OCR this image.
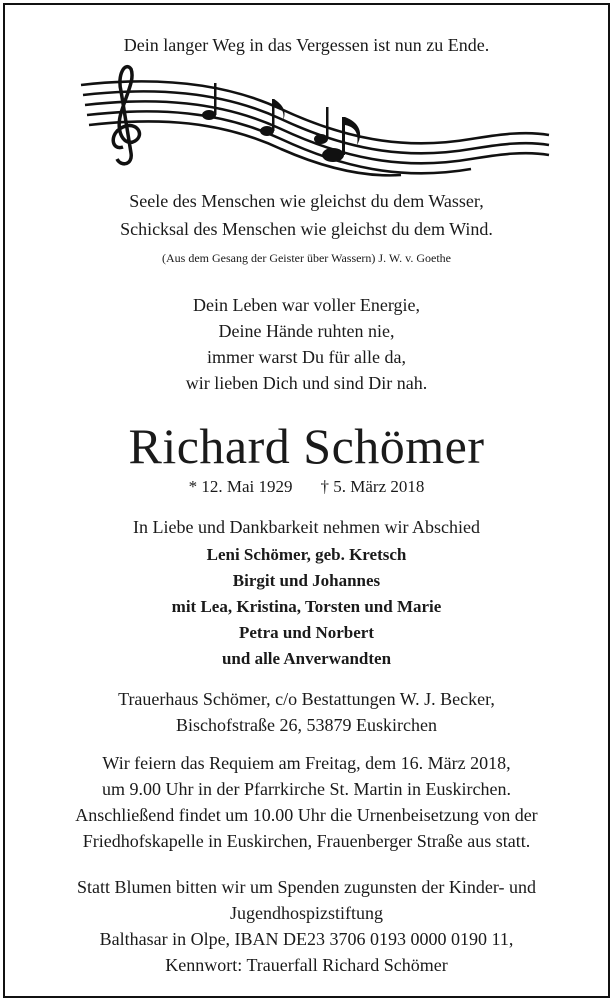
Dein langer Weg in das Vergessen ist nun zu Ende.
Seele des Menschen wie gleichst du dem Wasser,
Schicksal des Menschen wie gleichst du dem Wind.
(Aus dem Gesang der Geister über Wassern) J. W. v. Goethe
Dein Leben war voller Energie,
Deine Hände ruhten nie,
immer warst Du für alle da,
wir lieben Dich und sind Dir nah.
Richard Schömer
* 12. Mai 1929 † 5. März 2018
In Liebe und Dankbarkeit nehmen wir Abschied
Leni Schömer, geb. Kretsch
Birgit und Johannes
mit Lea, Kristina, Torsten und Marie
Petra und Norbert
und alle Anverwandten
Trauerhaus Schömer, c/o Bestattungen W. J. Becker,
Bischofstraße 26, 53879 Euskirchen
Wir feiern das Requiem am Freitag, dem 16. März 2018,
um 9.00 Uhr in der Pfarrkirche St. Martin in Euskirchen.
Anschließend findet um 10.00 Uhr die Urnenbeisetzung von der
Friedhofskapelle in Euskirchen, Frauenberger Straße aus statt.
Statt Blumen bitten wir um Spenden zugunsten der Kinder- und
Jugendhospizstiftung
Balthasar in Olpe, IBAN DE23 3706 0193 0000 0190 11,
Kennwort: Trauerfall Richard Schömer
